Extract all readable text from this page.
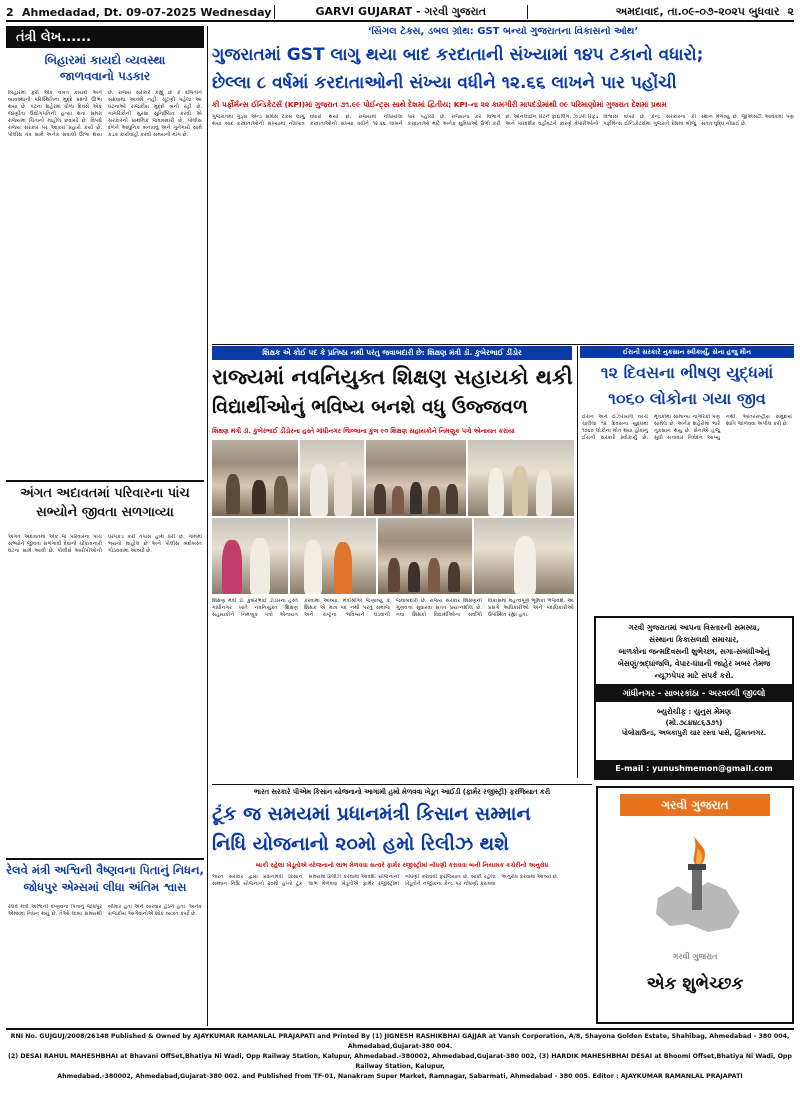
2 Ahmedadad, Dt. 09-07-2025 Wednesday	GARVI GUJARAT - ગરવી ગુજરાત	અમદાવાદ, તા.૦૯-૦૭-૨૦૨૫ બુધવાર ૨
તંત્રી લેખ......
બિહારમાં કાયદો વ્યવસ્થા જાળવવાનો પડકાર
બિહારમાં ફરી એક વખત કાયદો અને વ્યવસ્થાની પરિસ્થિતિના મુદ્દે પ્રશ્નો ઊભા થયા છે. પટના શહેરમાં ધોળા દિવસે એક જાણીતા ઉદ્યોગપતિની હત્યા થતા સમગ્ર રાજ્યમાં ચિંતાનો માહોલ છવાયો છે. વિપક્ષે રાજ્ય સરકાર પર આકરા પ્રહારો કર્યા છે. પોલીસ તંત્ર સામે અનેક સવાલો ઊભા થયા છે. રાજ્ય સરકારે કહ્યું છે કે દોષિતોને બક્ષવામાં આવશે નહીં. ચૂંટણી પહેલા આ ઘટનાઓ રાજકીય મુદ્દો બની રહી છે. નાગરિકોની સુરક્ષા સુનિશ્ચિત કરવી એ સરકારની પ્રાથમિક જવાબદારી છે. પોલીસ દળને આધુનિક બનાવવું અને ગુનેગારો સામે કડક કાર્યવાહી કરવી સમયની માંગ છે.
અંગત અદાવતમાં પરિવારના પાંચ સભ્યોને જીવતા સળગાવ્યા
અંગત અદાવતમાં એક જ પરિવારના પાંચ સભ્યોને જીવતા સળગાવી દેવાની ચોંકાવનારી ઘટના સામે આવી છે. પોલીસે આરોપીઓની ધરપકડ કરી તપાસ હાથ ધરી છે. ગામમાં ભયનો માહોલ છે અને પોલીસ બંદોબસ્ત ગોઠવવામાં આવ્યો છે.
રેલવે મંત્રી અશ્વિની વૈષ્ણવના પિતાનું નિધન, જોધપુર એમ્સમાં લીધા અંતિમ શ્વાસ
રેલવે મંત્રી અશ્વિની વૈષ્ણવના પિતાનું જોધપુર એમ્સમાં નિધન થયું છે. તેઓ લાંબા સમયથી બીમાર હતા અને સારવાર હેઠળ હતા. અનેક રાજકીય આગેવાનોએ શોક વ્યક્ત કર્યો છે.
‘સિંગલ ટેક્સ, ડબલ ગ્રોથ: GST બન્યો ગુજરાતના વિકાસનો ઓથ’
ગુજરાતમાં GST લાગુ થયા બાદ કરદાતાની સંખ્યામાં ૧૪૫ ટકાનો વધારો;
છેલ્લા ૮ વર્ષમાં કરદાતાઓની સંખ્યા વધીને ૧૨.૬૬ લાખને પાર પહોંચી
કી પર્ફોર્મન્સ ઈન્ડિકેટર્સ (KPI)માં ગુજરાત ૭૧.૯૯ પોઈન્ટ્સ સાથે દેશમાં દ્વિતીય; KPI-ના ૨૨ કામગીરી માપદંડોમાંથી ૦૯ પરિમાણોમાં ગુજરાત દેશમાં પ્રથમ
ગુજરાતમાં ગુડ્સ એન્ડ સર્વિસ ટેક્સ લાગુ થયા બાદ કરદાતાઓની સંખ્યામાં નોંધપાત્ર વધારો થયો છે. રાજ્યમાં નોંધાયેલા કરદાતાઓની સંખ્યા વધીને ૧૨.૬૬ લાખને પાર પહોંચી છે. રાજ્યના કર વિભાગે કરદાતાઓ માટે અનેક સુવિધાઓ ઉભી કરી છે. ઓનલાઈન રિટર્ન ફાઈલિંગ, ઝડપી રિફંડ અને પારદર્શક વહીવટને કારણે વેપારીઓનો વિશ્વાસ વધ્યો છે. કેન્દ્ર સરકારના કી પર્ફોર્મન્સ ઈન્ડિકેટર્સમાં ગુજરાતે દેશમાં બીજું સ્થાન મેળવ્યું છે. જીએસટી આવકમાં પણ સતત વૃદ્ધિ નોંધાઈ છે.
શિક્ષક એ કોઈ પદ કે પ્રતિષ્ઠા નથી પરંતુ જવાબદારી છે: શિક્ષણ મંત્રી ડૉ. કુબેરભાઈ ડીંડોર
રાજ્યમાં નવનિયુક્ત શિક્ષણ સહાયકો થકી
વિદ્યાર્થીઓનું ભવિષ્ય બનશે વધુ ઉજ્જવળ
શિક્ષણ મંત્રી ડૉ. કુબેરભાઈ ડીંડોરના હસ્તે ગાંધીનગર જિલ્લાના કુલ ૯૦ શિક્ષણ સહાયકોને નિમણૂક પત્રો એનાયત કરાયા
શિક્ષણ મંત્રી ડૉ. કુબેરભાઈ ડીંડોરના હસ્તે ગાંધીનગર ખાતે નવનિયુક્ત શિક્ષણ સહાયકોને નિમણૂક પત્રો એનાયત કરવામાં આવ્યા. મંત્રીશ્રીએ જણાવ્યું કે શિક્ષક એ માત્ર પદ નથી પરંતુ સમાજ અને રાષ્ટ્રના ભવિષ્યને ઘડવાની જવાબદારી છે. રાજ્ય સરકાર શિક્ષણની ગુણવત્તા સુધારવા સતત પ્રયત્નશીલ છે. નવા શિક્ષકો વિદ્યાર્થીઓના સર્વાંગી વિકાસમાં મહત્વપૂર્ણ ભૂમિકા ભજવશે. આ પ્રસંગે અધિકારીઓ અને પદાધિકારીઓ ઉપસ્થિત રહ્યા હતા.
ઈરાની સરકારે નુકસાન સ્વીકાર્યું, સેના હજુ મૌન
૧૨ દિવસના ભીષણ યુદ્ધમાં
૧૦૬૦ લોકોના ગયા જીવ
ઈરાન અને ઈઝરાયલ વચ્ચે ચાલેલા ૧૨ દિવસના યુદ્ધમાં ૧૦૬૦ લોકોના મોત થયા હોવાનું ઈરાની સરકારે સ્વીકાર્યું છે. મૃતકોમાં સામાન્ય નાગરિકો પણ સામેલ છે. અનેક શહેરોમાં ભારે નુકસાન થયું છે. સેનાએ હજુ સુધી સત્તાવાર નિવેદન આપ્યું નથી. આંતરરાષ્ટ્રીય સમુદાયે શાંતિ જાળવવા અપીલ કરી છે.
ગરવી ગુજરાતમાં આપના વિસ્તારની સમસ્યા,
સંસ્થાના કિકાસલક્ષી સમાચાર,
બાળકોના જન્મદિવસની શુભેચ્છા, સગા-સંબંધીઓનું
બેસણું/શ્રદ્ધાંજલિ, વેપાર-ધંધાની જાહેર ખબર તેમજ
ન્યૂઝપેપર માટે સંપર્ક કરો.
ગાંધીનગર - સાબરકાંઠા - અરવલ્લી જીલ્લો
બ્યુરોચીફ : યુનુસ મેમણ
(મો.૭૮૪૪૮૬૩૭૧)
પોલોગ્રાઉન્ડ, અલકાપુરી ચાર રસ્તા પાસે, હિંમતનગર.
E-mail : yunushmemon@gmail.com
ભારત સરકારે પીએમ કિસાન યોજનાનો આગામી હમો મેળવવા ખેડૂત આઈડી (ફાર્મર રજીસ્ટ્રી) ફરજિયાત કરી
ટૂંક જ સમયમાં પ્રધાનમંત્રી કિસાન સમ્માન
નિધિ યોજનાનો ૨૦મો હમો રિલીઝ થશે
બાકી રહેલા ખેડૂતોએ યોજનાનો લાભ મેળવવા સત્વરે ફાર્મર રજીસ્ટ્રીમાં નોંધણી કરાવવા બની નિયામક કચેરીનો અનુરોધ
ભારત સરકાર દ્વારા પ્રધાનમંત્રી કિસાન સમ્માન નિધિ યોજનાનો ૨૦મો હપ્તો ટૂંક સમયમાં રિલીઝ કરવામાં આવશે. યોજનાનો લાભ મેળવવા ખેડૂતોએ ફાર્મર રજીસ્ટ્રીમાં નોંધણી કરાવવી ફરજિયાત છે. બાકી રહેલા ખેડૂતોને નજીકના કેન્દ્ર પર નોંધણી કરાવવા અનુરોધ કરવામાં આવ્યો છે.
ગરવી ગુજરાત
ગરવી ગુજરાત
એક શુભેચ્છક
RNI No. GUJGUJ/2008/26148 Published & Owned by AJAYKUMAR RAMANLAL PRAJAPATI and Printed By (1) JIGNESH RASHIKBHAI GAJJAR at Vansh Corporation, A/8, Shayona Golden Estate, Shahibag, Ahmedabad - 380 004, Ahmedabad,Gujarat-380 004.
(2) DESAI RAHUL MAHESHBHAI at Bhavani OffSet,Bhatiya Ni Wadi, Opp Railway Station, Kalupur, Ahmedabad.-380002, Ahmedabad,Gujarat-380 002, (3) HARDIK MAHESHBHAI DESAI at Bhoomi Offset,Bhatiya Ni Wadi, Opp Railway Station, Kalupur,
Ahmedabad.-380002, Ahmedabad,Gujarat-380 002. and Published from TF-01, Nanakram Super Market, Ramnagar, Sabarmati, Ahmedabad - 380 005. Editor : AJAYKUMAR RAMANLAL PRAJAPATI
